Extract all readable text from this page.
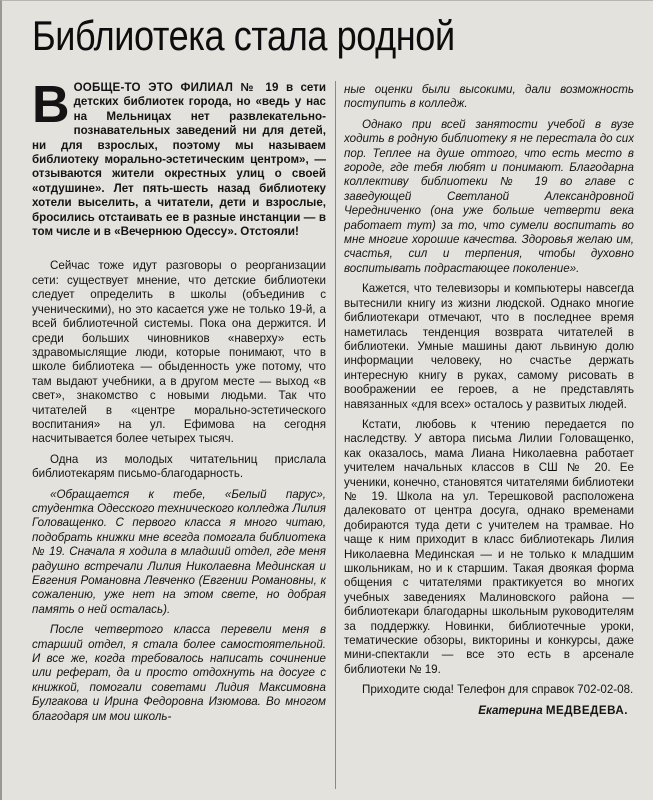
Библиотека стала родной

ВООБЩЕ-ТО ЭТО ФИЛИАЛ № 19 в сети детских библиотек города, но «ведь у нас на Мельницах нет развлекательно-познавательных заведений ни для детей, ни для взрослых, поэтому мы называем библиотеку морально-эстетическим центром», — отзываются жители окрестных улиц о своей «отдушине». Лет пять-шесть назад библиотеку хотели выселить, а читатели, дети и взрослые, бросились отстаивать ее в разные инстанции — в том числе и в «Вечернюю Одессу». Отстояли!

Сейчас тоже идут разговоры о реорганизации сети: существует мнение, что детские библиотеки следует определить в школы (объединив с ученическими), но это касается уже не только 19-й, а всей библиотечной системы. Пока она держится. И среди больших чиновников «наверху» есть здравомыслящие люди, которые понимают, что в школе библиотека — обыденность уже потому, что там выдают учебники, а в другом месте — выход «в свет», знакомство с новыми людьми. Так что читателей в «центре морально-эстетического воспитания» на ул. Ефимова на сегодня насчитывается более четырех тысяч.

Одна из молодых читательниц прислала библиотекарям письмо-благодарность.

«Обращается к тебе, «Белый парус», студентка Одесского технического колледжа Лилия Головащенко. С первого класса я много читаю, подобрать книжки мне всегда помогала библиотека № 19. Сначала я ходила в младший отдел, где меня радушно встречали Лилия Николаевна Мединская и Евгения Романовна Левченко (Евгении Романовны, к сожалению, уже нет на этом свете, но добрая память о ней осталась).

После четвертого класса перевели меня в старший отдел, я стала более самостоятельной. И все же, когда требовалось написать сочинение или реферат, да и просто отдохнуть на досуге с книжкой, помогали советами Лидия Максимовна Булгакова и Ирина Федоровна Изюмова. Во многом благодаря им мои школь-

ные оценки были высокими, дали возможность поступить в колледж.

Однако при всей занятости учебой в вузе ходить в родную библиотеку я не перестала до сих пор. Теплее на душе оттого, что есть место в городе, где тебя любят и понимают. Благодарна коллективу библиотеки № 19 во главе с заведующей Светланой Александровной Чередниченко (она уже больше четверти века работает тут) за то, что сумели воспитать во мне многие хорошие качества. Здоровья желаю им, счастья, сил и терпения, чтобы духовно воспитывать подрастающее поколение».

Кажется, что телевизоры и компьютеры навсегда вытеснили книгу из жизни людской. Однако многие библиотекари отмечают, что в последнее время наметилась тенденция возврата читателей в библиотеки. Умные машины дают львиную долю информации человеку, но счастье держать интересную книгу в руках, самому рисовать в воображении ее героев, а не представлять навязанных «для всех» осталось у развитых людей.

Кстати, любовь к чтению передается по наследству. У автора письма Лилии Головащенко, как оказалось, мама Лиана Николаевна работает учителем начальных классов в СШ № 20. Ее ученики, конечно, становятся читателями библиотеки № 19. Школа на ул. Терешковой расположена далековато от центра досуга, однако временами добираются туда дети с учителем на трамвае. Но чаще к ним приходит в класс библиотекарь Лилия Николаевна Мединская — и не только к младшим школьникам, но и к старшим. Такая двоякая форма общения с читателями практикуется во многих учебных заведениях Малиновского района — библиотекари благодарны школьным руководителям за поддержку. Новинки, библиотечные уроки, тематические обзоры, викторины и конкурсы, даже мини-спектакли — все это есть в арсенале библиотеки № 19.

Приходите сюда! Телефон для справок 702-02-08.

Екатерина МЕДВЕДЕВА.
